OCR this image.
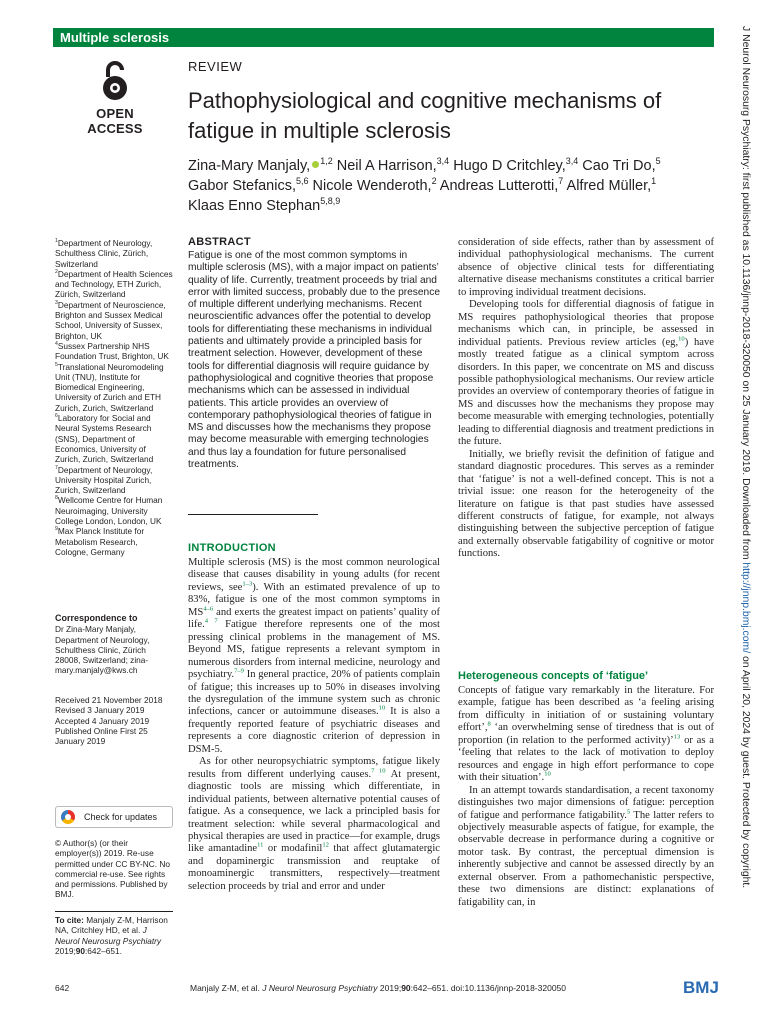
Multiple sclerosis
OPEN ACCESS
REVIEW
Pathophysiological and cognitive mechanisms of fatigue in multiple sclerosis
Zina-Mary Manjaly, $^{1,2}$ Neil A Harrison,$^{3,4}$ Hugo D Critchley,$^{3,4}$ Cao Tri Do,$^5$ Gabor Stefanics,$^{5,6}$ Nicole Wenderoth,$^2$ Andreas Lutterotti,$^7$ Alfred Müller,$^1$ Klaas Enno Stephan$^{5,8,9}$
$^1$Department of Neurology, Schulthess Clinic, Zürich, Switzerland
$^2$Department of Health Sciences and Technology, ETH Zurich, Zürich, Switzerland
$^3$Department of Neuroscience, Brighton and Sussex Medical School, University of Sussex, Brighton, UK
$^4$Sussex Partnership NHS Foundation Trust, Brighton, UK
$^5$Translational Neuromodeling Unit (TNU), Institute for Biomedical Engineering, University of Zurich and ETH Zurich, Zurich, Switzerland
$^6$Laboratory for Social and Neural Systems Research (SNS), Department of Economics, University of Zurich, Zurich, Switzerland
$^7$Department of Neurology, University Hospital Zurich, Zurich, Switzerland
$^8$Wellcome Centre for Human Neuroimaging, University College London, London, UK
$^9$Max Planck Institute for Metabolism Research, Cologne, Germany
Correspondence to
Dr Zina-Mary Manjaly, Department of Neurology, Schulthess Clinic, Zürich 28008, Switzerland; zina-mary.manjaly@kws.ch
Received 21 November 2018
Revised 3 January 2019
Accepted 4 January 2019
Published Online First 25 January 2019
Check for updates
© Author(s) (or their employer(s)) 2019. Re-use permitted under CC BY-NC. No commercial re-use. See rights and permissions. Published by BMJ.
To cite: Manjaly Z-M, Harrison NA, Critchley HD, et al. J Neurol Neurosurg Psychiatry 2019;90:642–651.
ABSTRACT

Fatigue is one of the most common symptoms in multiple sclerosis (MS), with a major impact on patients’ quality of life. Currently, treatment proceeds by trial and error with limited success, probably due to the presence of multiple different underlying mechanisms. Recent neuroscientific advances offer the potential to develop tools for differentiating these mechanisms in individual patients and ultimately provide a principled basis for treatment selection. However, development of these tools for differential diagnosis will require guidance by pathophysiological and cognitive theories that propose mechanisms which can be assessed in individual patients. This article provides an overview of contemporary pathophysiological theories of fatigue in MS and discusses how the mechanisms they propose may become measurable with emerging technologies and thus lay a foundation for future personalised treatments.

INTRODUCTION

Multiple sclerosis (MS) is the most common neurological disease that causes disability in young adults (for recent reviews, see$^{1-3}$). With an estimated prevalence of up to 83%, fatigue is one of the most common symptoms in MS$^{4-6}$ and exerts the greatest impact on patients’ quality of life.$^{4 7}$ Fatigue therefore represents one of the most pressing clinical problems in the management of MS. Beyond MS, fatigue represents a relevant symptom in numerous disorders from internal medicine, neurology and psychiatry.$^{7-9}$ In general practice, 20% of patients complain of fatigue; this increases up to 50% in diseases involving the dysregulation of the immune system such as chronic infections, cancer or autoimmune diseases.$^{10}$ It is also a frequently reported feature of psychiatric diseases and represents a core diagnostic criterion of depression in DSM-5.

As for other neuropsychiatric symptoms, fatigue likely results from different underlying causes.$^{7 10}$ At present, diagnostic tools are missing which differentiate, in individual patients, between alternative potential causes of fatigue. As a consequence, we lack a principled basis for treatment selection: while several pharmacological and physical therapies are used in practice—for example, drugs like amantadine$^{11}$ or modafinil$^{12}$ that affect glutamatergic and dopaminergic transmission and reuptake of monoaminergic transmitters, respectively—treatment selection proceeds by trial and error and under

consideration of side effects, rather than by assessment of individual pathophysiological mechanisms. The current absence of objective clinical tests for differentiating alternative disease mechanisms constitutes a critical barrier to improving individual treatment decisions.

Developing tools for differential diagnosis of fatigue in MS requires pathophysiological theories that propose mechanisms which can, in principle, be assessed in individual patients. Previous review articles (eg,$^{10}$) have mostly treated fatigue as a clinical symptom across disorders. In this paper, we concentrate on MS and discuss possible pathophysiological mechanisms. Our review article provides an overview of contemporary theories of fatigue in MS and discusses how the mechanisms they propose may become measurable with emerging technologies, potentially leading to differential diagnosis and treatment predictions in the future.

Initially, we briefly revisit the definition of fatigue and standard diagnostic procedures. This serves as a reminder that ‘fatigue’ is not a well-defined concept. This is not a trivial issue: one reason for the heterogeneity of the literature on fatigue is that past studies have assessed different constructs of fatigue, for example, not always distinguishing between the subjective perception of fatigue and externally observable fatigability of cognitive or motor functions.

Heterogeneous concepts of ‘fatigue’

Concepts of fatigue vary remarkably in the literature. For example, fatigue has been described as ‘a feeling arising from difficulty in initiation of or sustaining voluntary effort’,$^8$ ‘an overwhelming sense of tiredness that is out of proportion (in relation to the performed activity)’$^{13}$ or as a ‘feeling that relates to the lack of motivation to deploy resources and engage in high effort performance to cope with their situation’.$^{10}$

In an attempt towards standardisation, a recent taxonomy distinguishes two major dimensions of fatigue: perception of fatigue and performance fatigability.$^5$ The latter refers to objectively measurable aspects of fatigue, for example, the observable decrease in performance during a cognitive or motor task. By contrast, the perceptual dimension is inherently subjective and cannot be assessed directly by an external observer. From a pathomechanistic perspective, these two dimensions are distinct: explanations of fatigability can, in

J Neurol Neurosurg Psychiatry: first published as 10.1136/jnnp-2018-320050 on 25 January 2019. Downloaded from http://jnnp.bmj.com/ on April 20, 2024 by guest. Protected by copyright.
642	Manjaly Z-M, et al. J Neurol Neurosurg Psychiatry 2019;90:642–651. doi:10.1136/jnnp-2018-320050	BMJ
